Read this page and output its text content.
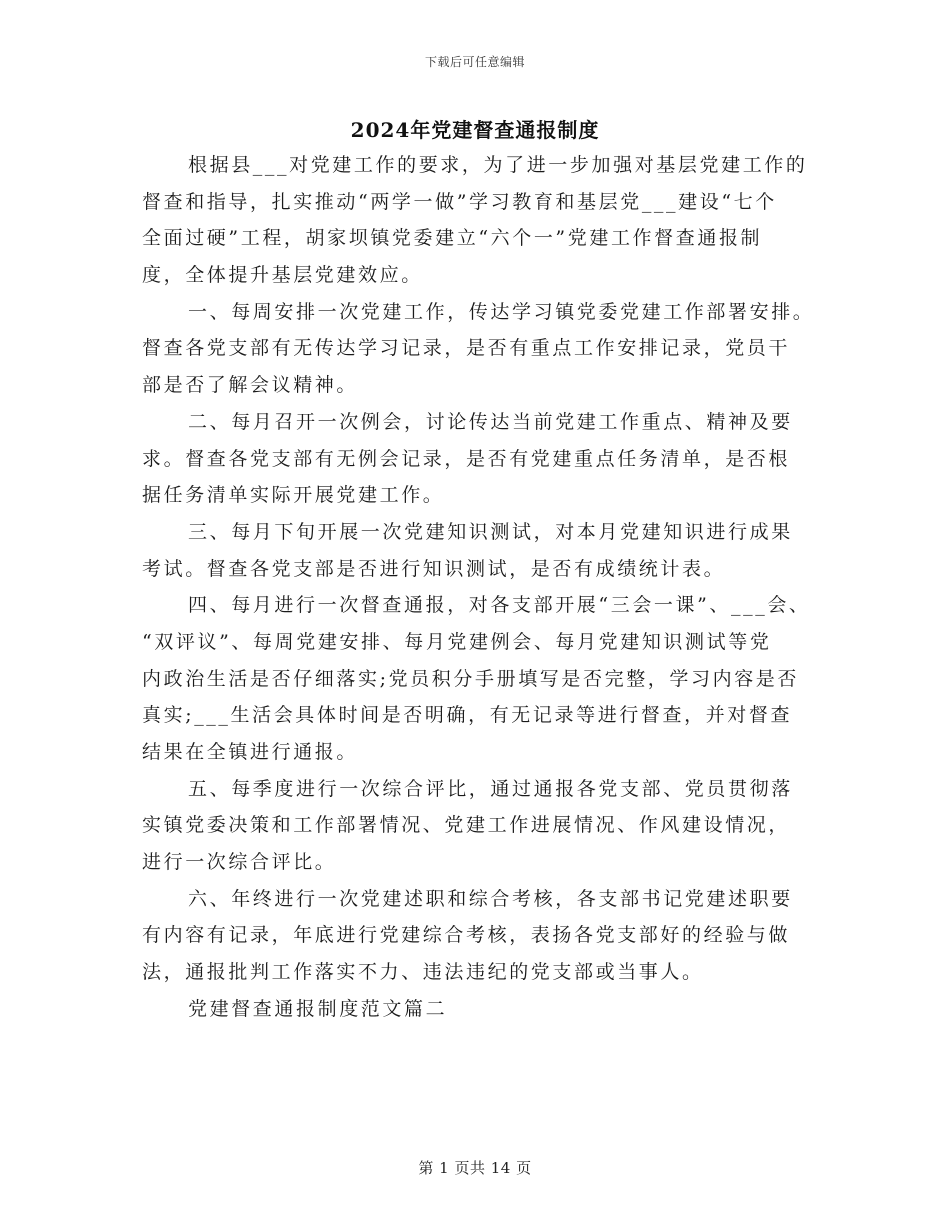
下载后可任意编辑
2024年党建督查通报制度
根据县___对党建工作的要求，为了进一步加强对基层党建工作的
督查和指导，扎实推动“两学一做”学习教育和基层党___建设“七个
全面过硬”工程，胡家坝镇党委建立“六个一”党建工作督查通报制
度，全体提升基层党建效应。
一、每周安排一次党建工作，传达学习镇党委党建工作部署安排。
督查各党支部有无传达学习记录，是否有重点工作安排记录，党员干
部是否了解会议精神。
二、每月召开一次例会，讨论传达当前党建工作重点、精神及要
求。督查各党支部有无例会记录，是否有党建重点任务清单，是否根
据任务清单实际开展党建工作。
三、每月下旬开展一次党建知识测试，对本月党建知识进行成果
考试。督查各党支部是否进行知识测试，是否有成绩统计表。
四、每月进行一次督查通报，对各支部开展“三会一课”、___会、
“双评议”、每周党建安排、每月党建例会、每月党建知识测试等党
内政治生活是否仔细落实;党员积分手册填写是否完整，学习内容是否
真实;___生活会具体时间是否明确，有无记录等进行督查，并对督查
结果在全镇进行通报。
五、每季度进行一次综合评比，通过通报各党支部、党员贯彻落
实镇党委决策和工作部署情况、党建工作进展情况、作风建设情况，
进行一次综合评比。
六、年终进行一次党建述职和综合考核，各支部书记党建述职要
有内容有记录，年底进行党建综合考核，表扬各党支部好的经验与做
法，通报批判工作落实不力、违法违纪的党支部或当事人。
党建督查通报制度范文篇二
第 1 页共 14 页
